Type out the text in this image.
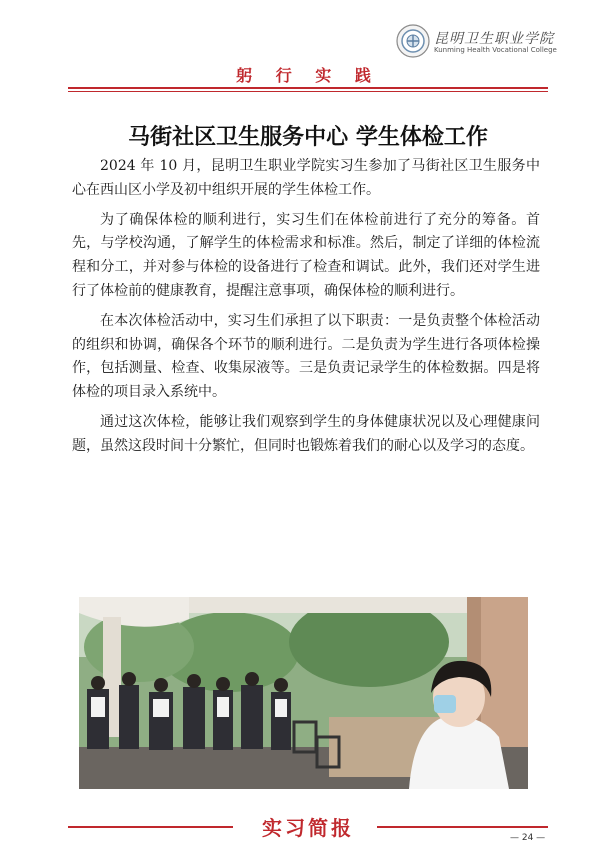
昆明卫生职业学院
Kunming Health Vocational College
躬 行 实 践
马街社区卫生服务中心 学生体检工作

2024 年 10 月，昆明卫生职业学院实习生参加了马街社区卫生服务中心在西山区小学及初中组织开展的学生体检工作。

为了确保体检的顺利进行，实习生们在体检前进行了充分的筹备。首先，与学校沟通，了解学生的体检需求和标准。然后，制定了详细的体检流程和分工，并对参与体检的设备进行了检查和调试。此外，我们还对学生进行了体检前的健康教育，提醒注意事项，确保体检的顺利进行。

在本次体检活动中，实习生们承担了以下职责：一是负责整个体检活动的组织和协调，确保各个环节的顺利进行。二是负责为学生进行各项体检操作，包括测量、检查、收集尿液等。三是负责记录学生的体检数据。四是将体检的项目录入系统中。

通过这次体检，能够让我们观察到学生的身体健康状况以及心理健康问题，虽然这段时间十分繁忙，但同时也锻炼着我们的耐心以及学习的态度。

实习简报	— 24 —
